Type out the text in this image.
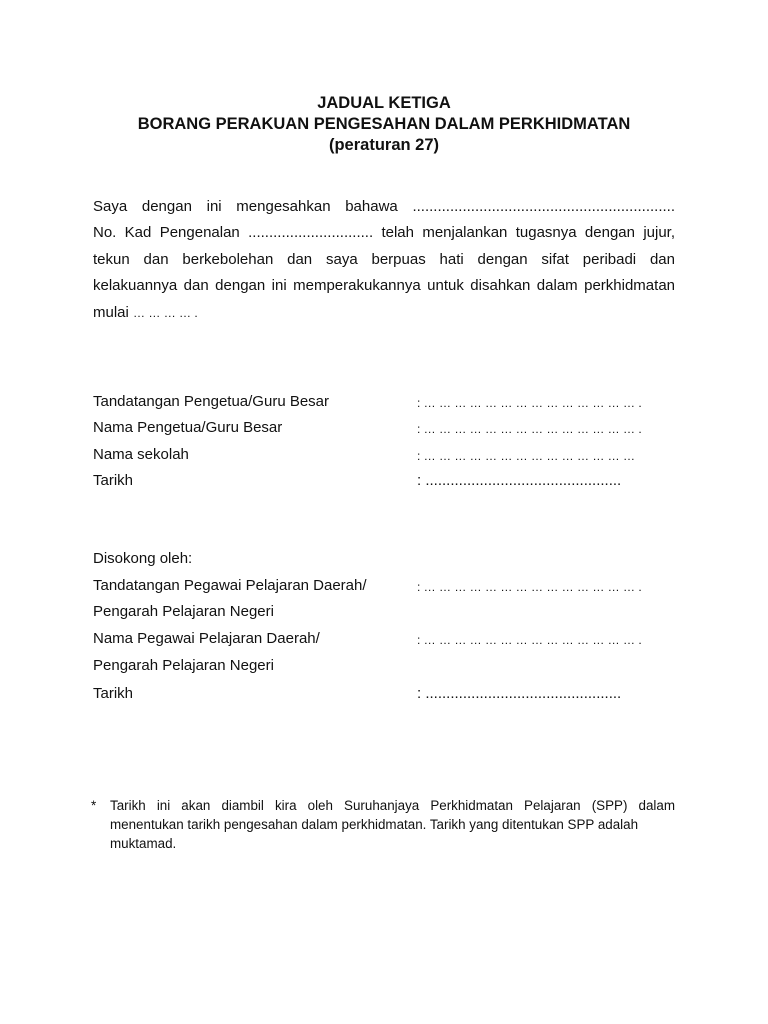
JADUAL KETIGA
BORANG PERAKUAN PENGESAHAN DALAM PERKHIDMATAN
(peraturan 27)
Saya dengan ini mengesahkan bahawa ...............................................................
No. Kad Pengenalan .............................. telah menjalankan tugasnya dengan jujur,
tekun dan berkebolehan dan saya berpuas hati dengan sifat peribadi dan
kelakuannya dan dengan ini memperakukannya untuk disahkan dalam perkhidmatan
mulai … … … … .
Tandatangan Pengetua/Guru Besar	: … … … … … … … … … … … … … … .
Nama Pengetua/Guru Besar	: … … … … … … … … … … … … … … .
Nama sekolah	: … … … … … … … … … … … … … …
Tarikh	: ...............................................
Disokong oleh:
Tandatangan Pegawai Pelajaran Daerah/	: … … … … … … … … … … … … … … .
Pengarah Pelajaran Negeri
Nama Pegawai Pelajaran Daerah/	: … … … … … … … … … … … … … … .
Pengarah Pelajaran Negeri
Tarikh	: ...............................................
* Tarikh ini akan diambil kira oleh Suruhanjaya Perkhidmatan Pelajaran (SPP) dalam
menentukan tarikh pengesahan dalam perkhidmatan. Tarikh yang ditentukan SPP adalah
muktamad.
